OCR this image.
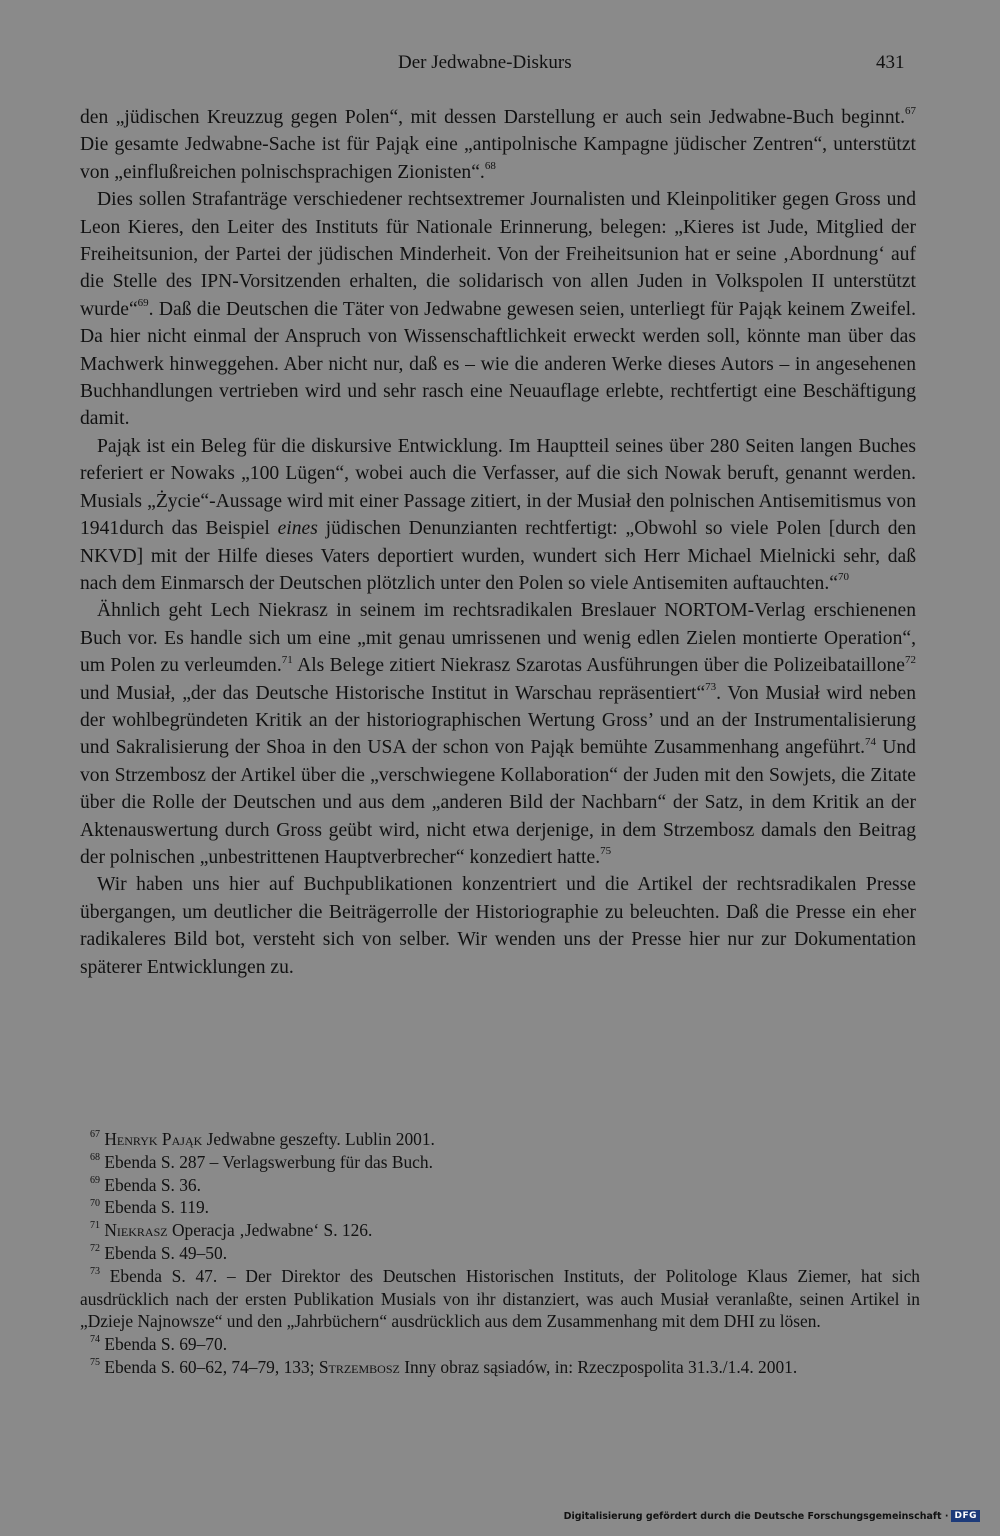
Der Jedwabne-Diskurs	431

den „jüdischen Kreuzzug gegen Polen“, mit dessen Darstellung er auch sein Jedwabne-Buch beginnt.$^{67}$ Die gesamte Jedwabne-Sache ist für Pająk eine „antipolnische Kampagne jüdischer Zentren“, unterstützt von „einflußreichen polnischsprachigen Zionisten“.$^{68}$

Dies sollen Strafanträge verschiedener rechtsextremer Journalisten und Kleinpolitiker gegen Gross und Leon Kieres, den Leiter des Instituts für Nationale Erinnerung, belegen: „Kieres ist Jude, Mitglied der Freiheitsunion, der Partei der jüdischen Minderheit. Von der Freiheitsunion hat er seine ‚Abordnung‘ auf die Stelle des IPN-Vorsitzenden erhalten, die solidarisch von allen Juden in Volkspolen II unterstützt wurde“$^{69}$. Daß die Deutschen die Täter von Jedwabne gewesen seien, unterliegt für Pająk keinem Zweifel. Da hier nicht einmal der Anspruch von Wissenschaftlichkeit erweckt werden soll, könnte man über das Machwerk hinweggehen. Aber nicht nur, daß es – wie die anderen Werke dieses Autors – in angesehenen Buchhandlungen vertrieben wird und sehr rasch eine Neuauflage erlebte, rechtfertigt eine Beschäftigung damit.

Pająk ist ein Beleg für die diskursive Entwicklung. Im Hauptteil seines über 280 Seiten langen Buches referiert er Nowaks „100 Lügen“, wobei auch die Verfasser, auf die sich Nowak beruft, genannt werden. Musials „Życie“-Aussage wird mit einer Passage zitiert, in der Musiał den polnischen Antisemitismus von 1941durch das Beispiel eines jüdischen Denunzianten rechtfertigt: „Obwohl so viele Polen [durch den NKVD] mit der Hilfe dieses Vaters deportiert wurden, wundert sich Herr Michael Mielnicki sehr, daß nach dem Einmarsch der Deutschen plötzlich unter den Polen so viele Antisemiten auftauchten.“$^{70}$

Ähnlich geht Lech Niekrasz in seinem im rechtsradikalen Breslauer NORTOM-Verlag erschienenen Buch vor. Es handle sich um eine „mit genau umrissenen und wenig edlen Zielen montierte Operation“, um Polen zu verleumden.$^{71}$ Als Belege zitiert Niekrasz Szarotas Ausführungen über die Polizeibataillone$^{72}$ und Musiał, „der das Deutsche Historische Institut in Warschau repräsentiert“$^{73}$. Von Musiał wird neben der wohlbegründeten Kritik an der historiographischen Wertung Gross’ und an der Instrumentalisierung und Sakralisierung der Shoa in den USA der schon von Pająk bemühte Zusammenhang angeführt.$^{74}$ Und von Strzembosz der Artikel über die „verschwiegene Kollaboration“ der Juden mit den Sowjets, die Zitate über die Rolle der Deutschen und aus dem „anderen Bild der Nachbarn“ der Satz, in dem Kritik an der Aktenauswertung durch Gross geübt wird, nicht etwa derjenige, in dem Strzembosz damals den Beitrag der polnischen „unbestrittenen Hauptverbrecher“ konzediert hatte.$^{75}$

Wir haben uns hier auf Buchpublikationen konzentriert und die Artikel der rechtsradikalen Presse übergangen, um deutlicher die Beiträgerrolle der Historiographie zu beleuchten. Daß die Presse ein eher radikaleres Bild bot, versteht sich von selber. Wir wenden uns der Presse hier nur zur Dokumentation späterer Entwicklungen zu.

$^{67}$ Henryk Pająk Jedwabne geszefty. Lublin 2001.

$^{68}$ Ebenda S. 287 – Verlagswerbung für das Buch.

$^{69}$ Ebenda S. 36.

$^{70}$ Ebenda S. 119.

$^{71}$ Niekrasz Operacja ‚Jedwabne‘ S. 126.

$^{72}$ Ebenda S. 49–50.

$^{73}$ Ebenda S. 47. – Der Direktor des Deutschen Historischen Instituts, der Politologe Klaus Ziemer, hat sich ausdrücklich nach der ersten Publikation Musials von ihr distanziert, was auch Musiał veranlaßte, seinen Artikel in „Dzieje Najnowsze“ und den „Jahrbüchern“ ausdrücklich aus dem Zusammenhang mit dem DHI zu lösen.

$^{74}$ Ebenda S. 69–70.

$^{75}$ Ebenda S. 60–62, 74–79, 133; Strzembosz Inny obraz sąsiadów, in: Rzeczpospolita 31.3./1.4. 2001.

Digitalisierung gefördert durch die Deutsche Forschungsgemeinschaft · DFG
